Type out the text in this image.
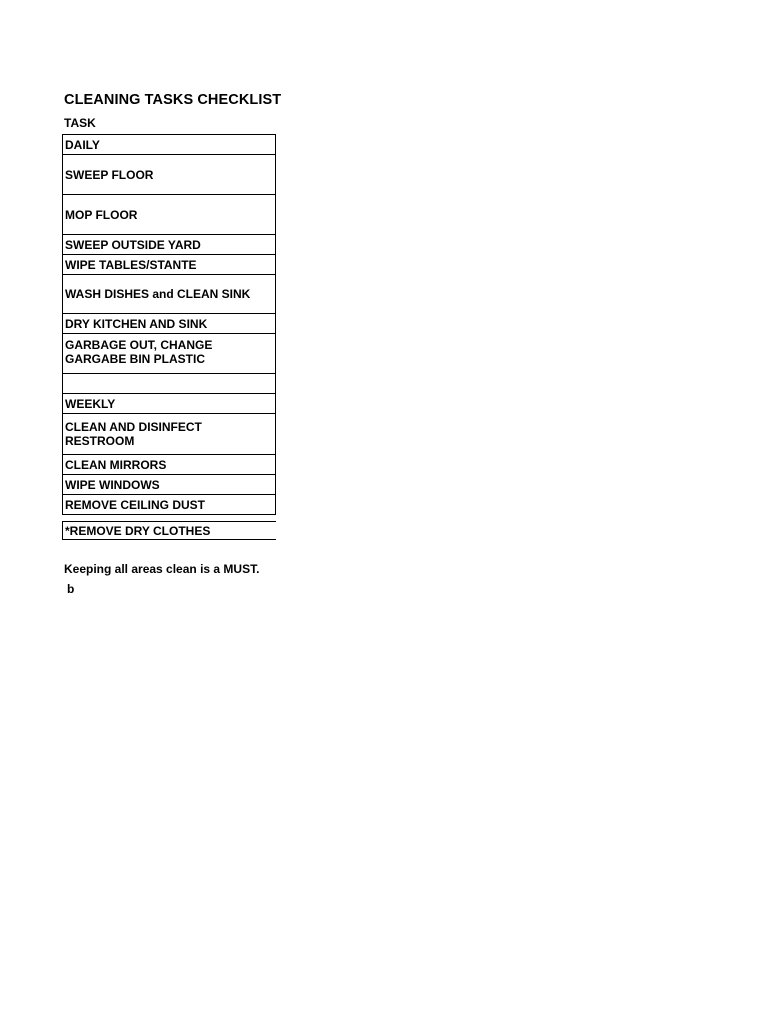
CLEANING TASKS CHECKLIST
TASK
DAILY
SWEEP FLOOR
MOP FLOOR
SWEEP OUTSIDE YARD
WIPE TABLES/STANTE
WASH DISHES and CLEAN SINK
DRY KITCHEN AND SINK
GARBAGE OUT, CHANGE GARGABE BIN PLASTIC

WEEKLY
CLEAN AND DISINFECT RESTROOM
CLEAN MIRRORS
WIPE WINDOWS
REMOVE CEILING DUST
*REMOVE DRY CLOTHES
Keeping all areas clean is a MUST.
b
